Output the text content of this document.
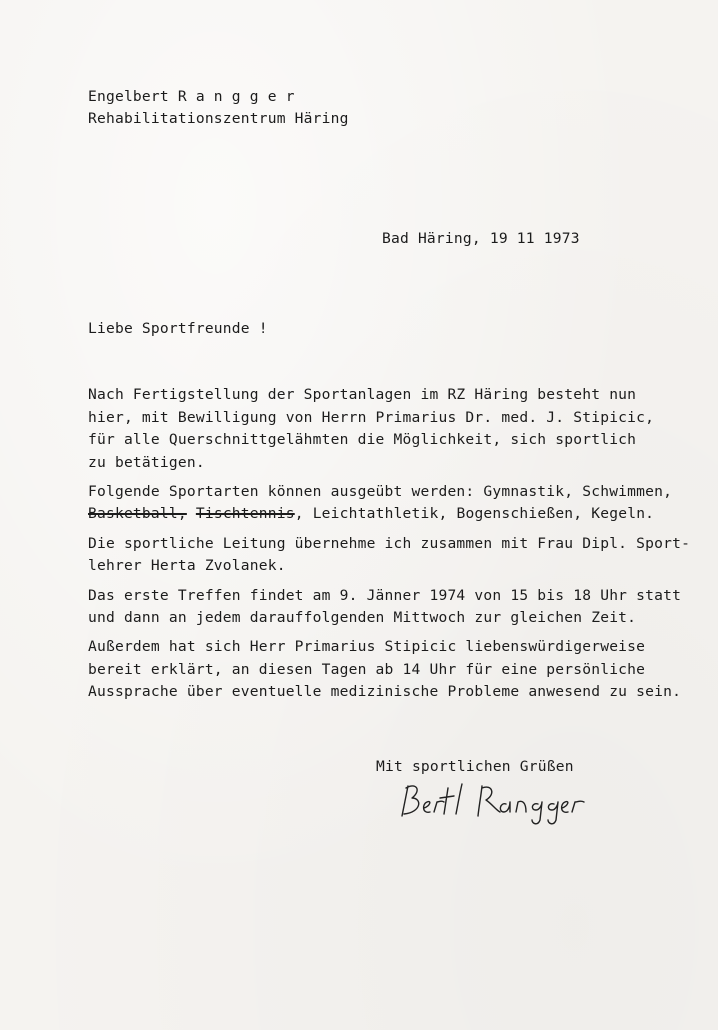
Engelbert R a n g g e r
Rehabilitationszentrum Häring
Bad Häring, 19 11 1973
Liebe Sportfreunde !
Nach Fertigstellung der Sportanlagen im RZ Häring besteht nun
hier, mit Bewilligung von Herrn Primarius Dr. med. J. Stipicic,
für alle Querschnittgelähmten die Möglichkeit, sich sportlich
zu betätigen.
Folgende Sportarten können ausgeübt werden: Gymnastik, Schwimmen,
Basketball, Tischtennis, Leichtathletik, Bogenschießen, Kegeln.
Die sportliche Leitung übernehme ich zusammen mit Frau Dipl. Sport-
lehrer Herta Zvolanek.
Das erste Treffen findet am 9. Jänner 1974 von 15 bis 18 Uhr statt
und dann an jedem darauffolgenden Mittwoch zur gleichen Zeit.
Außerdem hat sich Herr Primarius Stipicic liebenswürdigerweise
bereit erklärt, an diesen Tagen ab 14 Uhr für eine persönliche
Aussprache über eventuelle medizinische Probleme anwesend zu sein.
Mit sportlichen Grüßen
